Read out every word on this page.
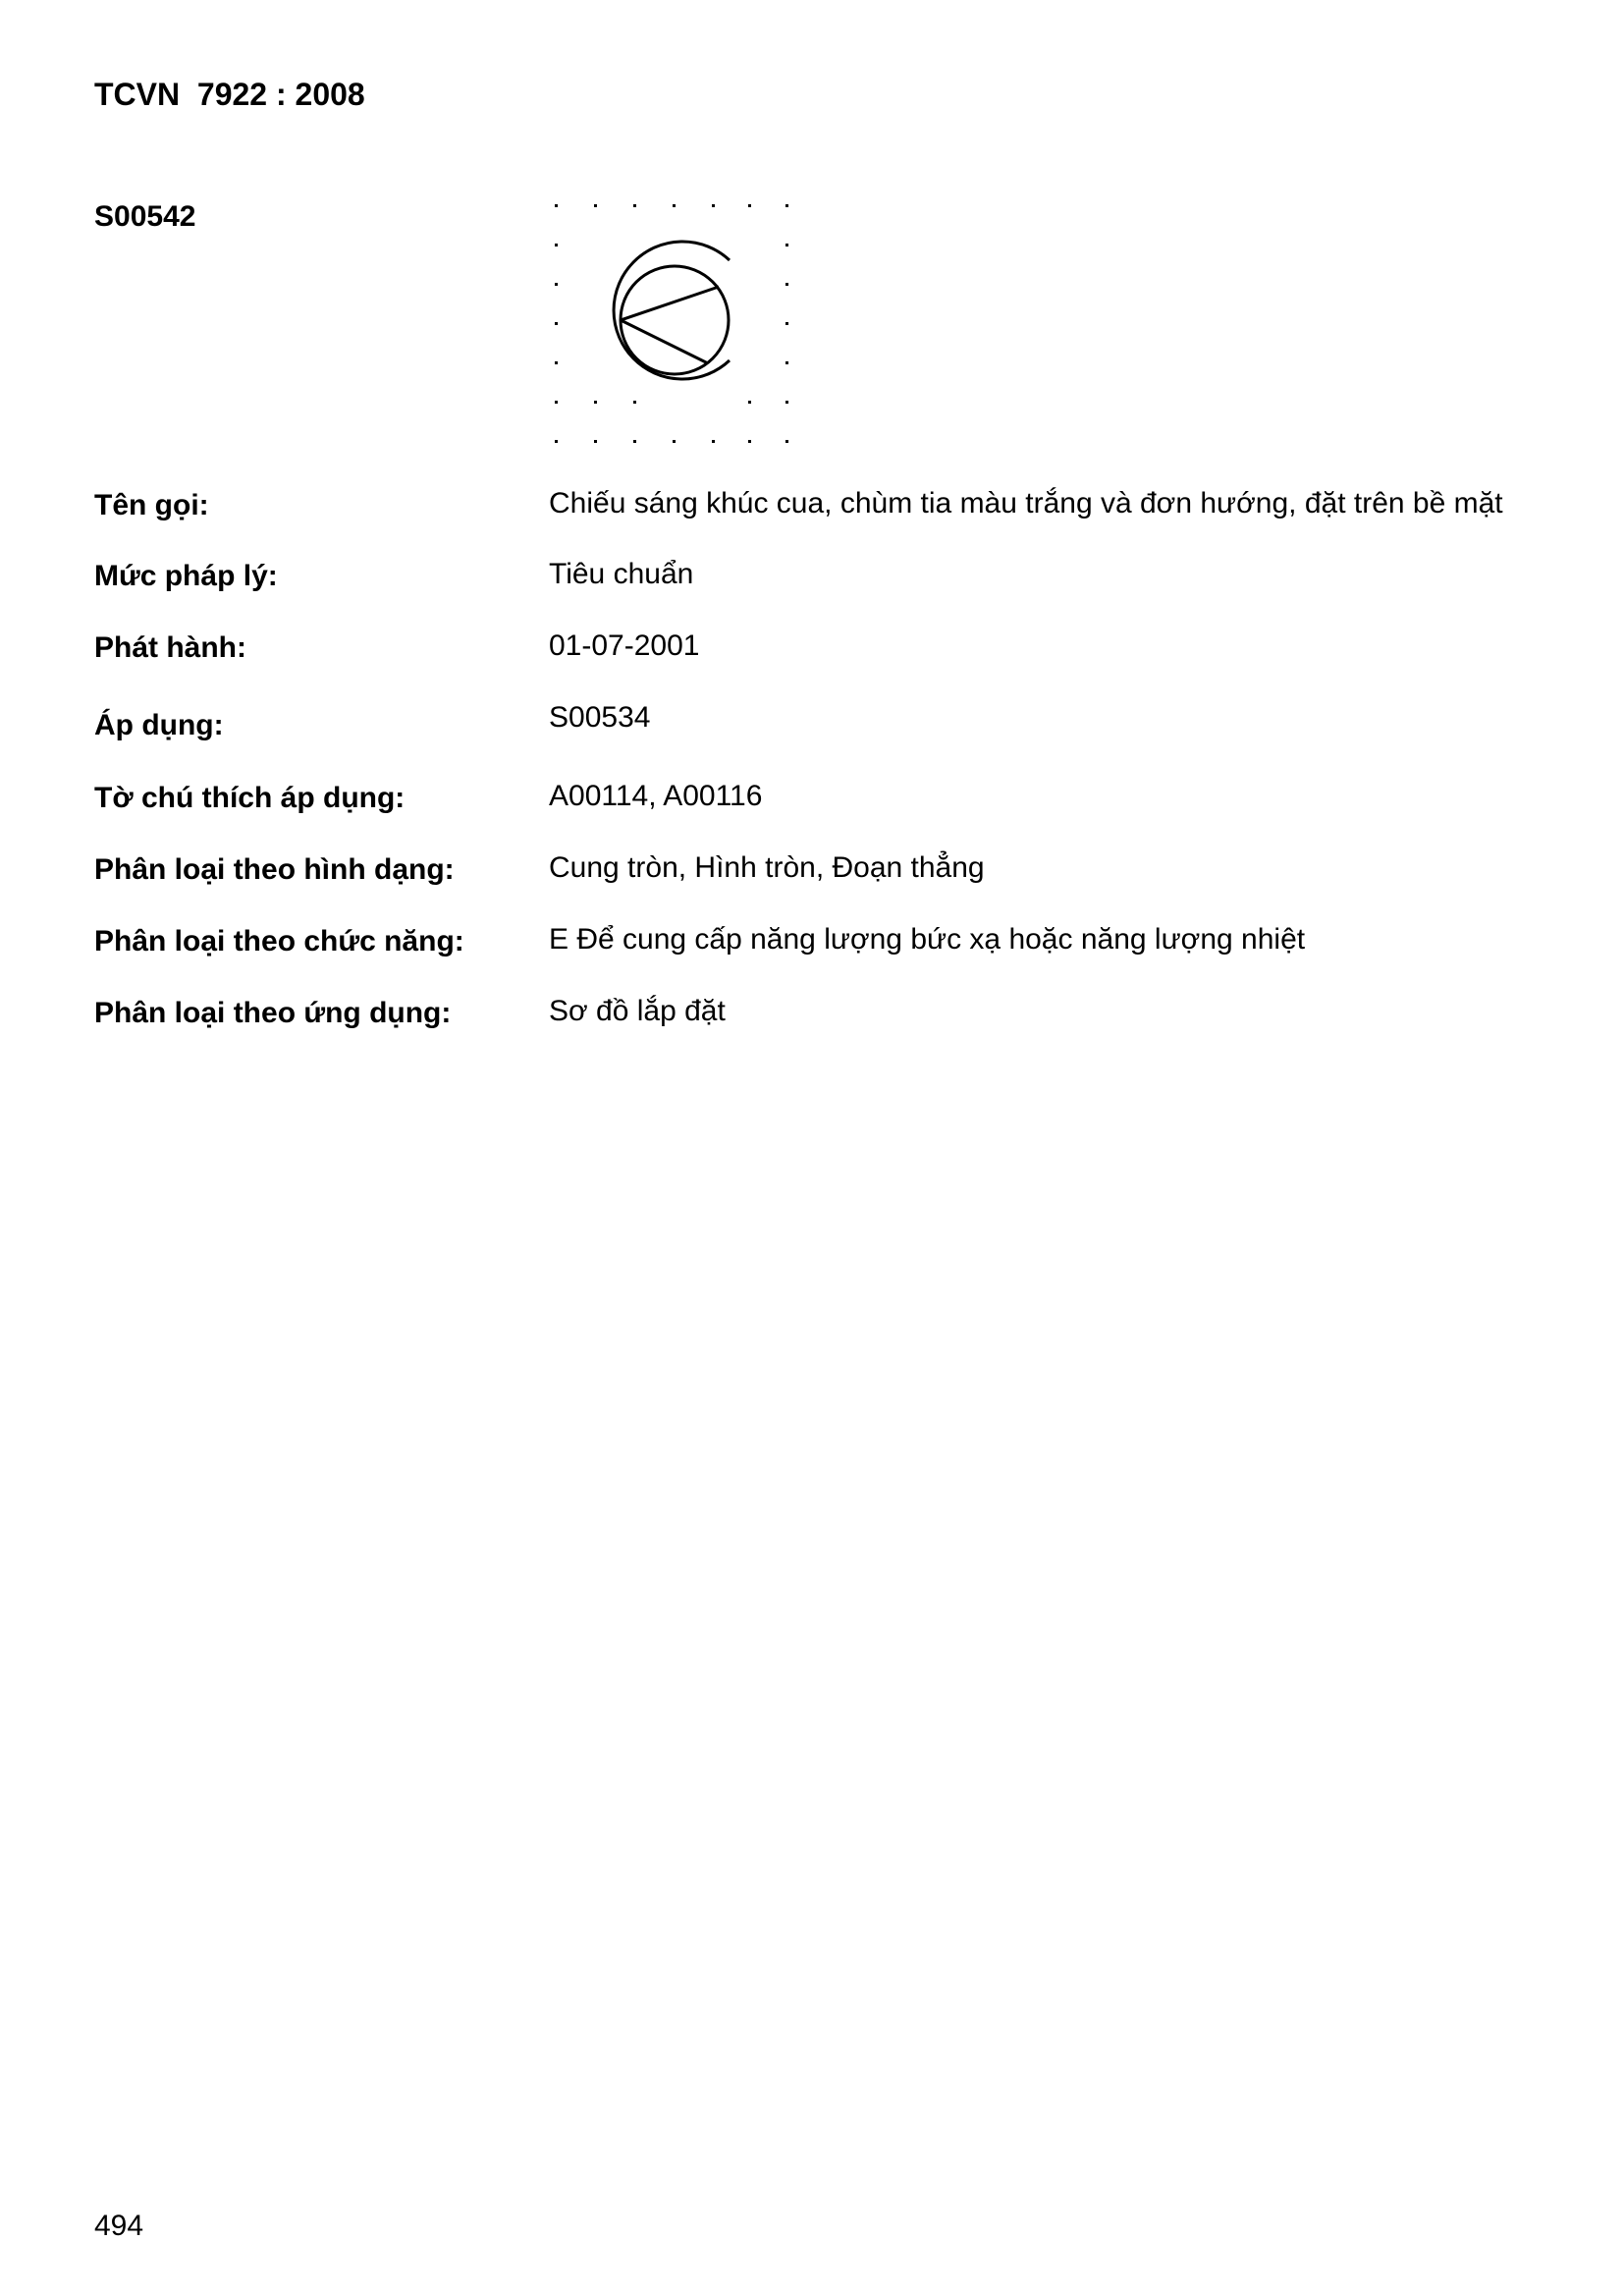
TCVN  7922 : 2008
S00542
Tên gọi:	Chiếu sáng khúc cua, chùm tia màu trắng và đơn hướng, đặt trên bề mặt
Mức pháp lý:	Tiêu chuẩn
Phát hành:	01-07-2001
Áp dụng:	S00534
Tờ chú thích áp dụng:	A00114, A00116
Phân loại theo hình dạng:	Cung tròn, Hình tròn, Đoạn thẳng
Phân loại theo chức năng:	E Để cung cấp năng lượng bức xạ hoặc năng lượng nhiệt
Phân loại theo ứng dụng:	Sơ đồ lắp đặt
494
